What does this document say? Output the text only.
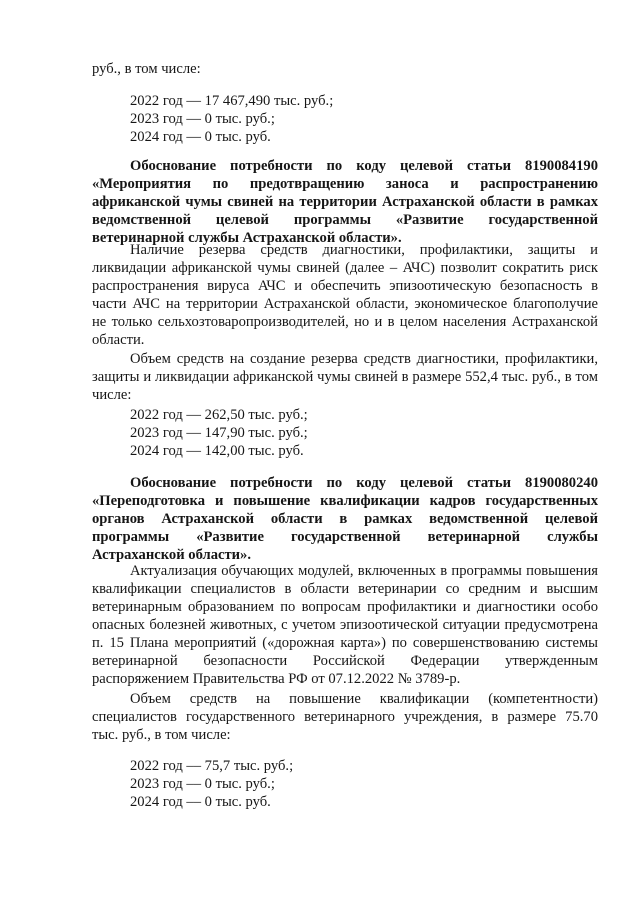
руб., в том числе:
2022 год — 17 467,490 тыс. руб.;
2023 год — 0 тыс. руб.;
2024 год — 0 тыс. руб.
Обоснование потребности по коду целевой статьи 8190084190
«Мероприятия по предотвращению заноса и распространению
африканской чумы свиней на территории Астраханской области в рамках
ведомственной целевой программы «Развитие государственной
ветеринарной службы Астраханской области».
Наличие резерва средств диагностики, профилактики, защиты и
ликвидации африканской чумы свиней (далее – АЧС) позволит сократить риск
распространения вируса АЧС и обеспечить эпизоотическую безопасность в
части АЧС на территории Астраханской области, экономическое благополучие
не только сельхозтоваропроизводителей, но и в целом населения Астраханской
области.
Объем средств на создание резерва средств диагностики, профилактики,
защиты и ликвидации африканской чумы свиней в размере 552,4 тыс. руб., в том
числе:
2022 год — 262,50 тыс. руб.;
2023 год — 147,90 тыс. руб.;
2024 год — 142,00 тыс. руб.
Обоснование потребности по коду целевой статьи 8190080240
«Переподготовка и повышение квалификации кадров государственных
органов Астраханской области в рамках ведомственной целевой
программы «Развитие государственной ветеринарной службы
Астраханской области».
Актуализация обучающих модулей, включенных в программы повышения
квалификации специалистов в области ветеринарии со средним и высшим
ветеринарным образованием по вопросам профилактики и диагностики особо
опасных болезней животных, с учетом эпизоотической ситуации предусмотрена
п. 15 Плана мероприятий («дорожная карта») по совершенствованию системы
ветеринарной безопасности Российской Федерации утвержденным
распоряжением Правительства РФ от 07.12.2022 № 3789-р.
Объем средств на повышение квалификации (компетентности)
специалистов государственного ветеринарного учреждения, в размере 75.70
тыс. руб., в том числе:
2022 год –– 75,7 тыс. руб.;
2023 год –– 0 тыс. руб.;
2024 год –– 0 тыс. руб.
